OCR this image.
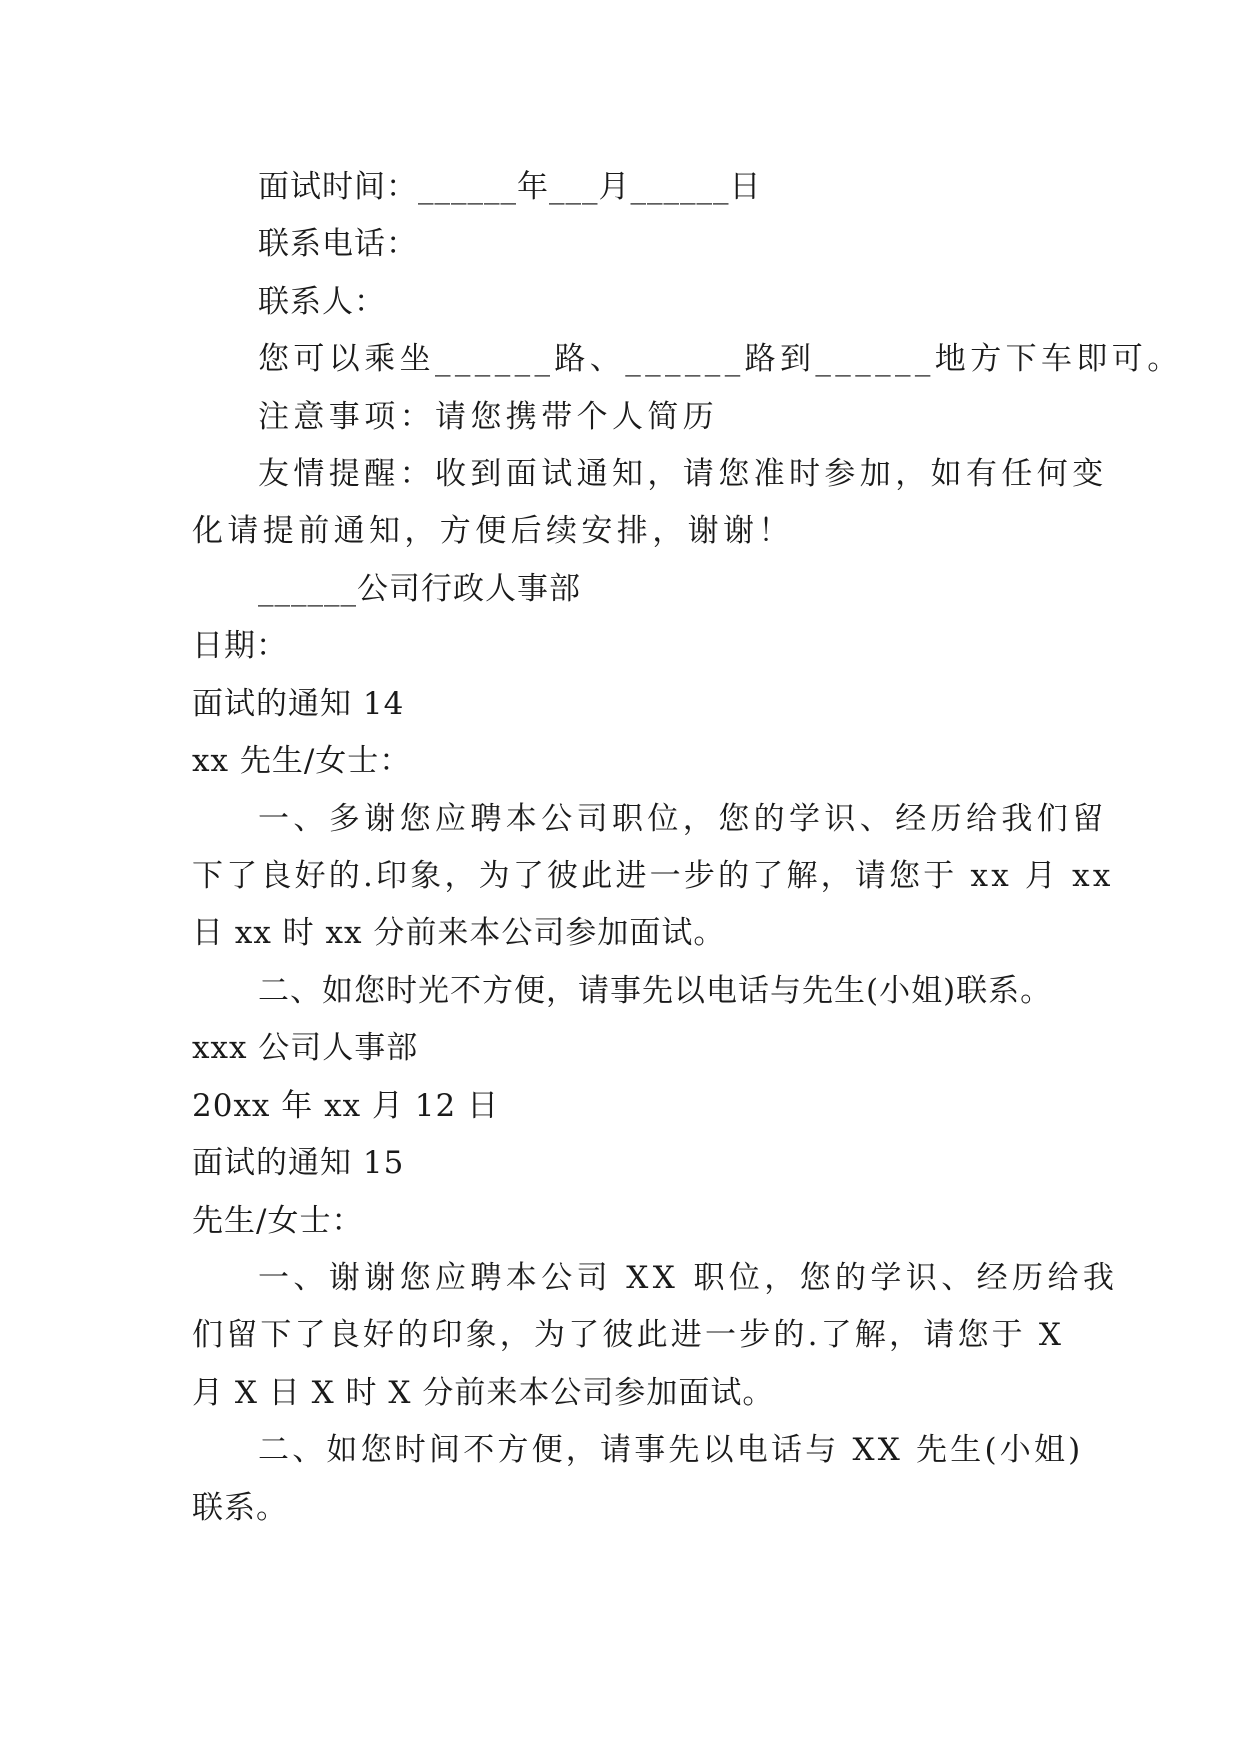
面试时间：______年___月______日
联系电话：
联系人：
您可以乘坐______路、______路到______地方下车即可。
注意事项：请您携带个人简历
友情提醒：收到面试通知，请您准时参加，如有任何变
化请提前通知，方便后续安排，谢谢！
______公司行政人事部
日期：
面试的通知 14
xx 先生/女士：
一、多谢您应聘本公司职位，您的学识、经历给我们留
下了良好的.印象，为了彼此进一步的了解，请您于 xx 月 xx
日 xx 时 xx 分前来本公司参加面试。
二、如您时光不方便，请事先以电话与先生(小姐)联系。
xxx 公司人事部
20xx 年 xx 月 12 日
面试的通知 15
先生/女士：
一、谢谢您应聘本公司 XX 职位，您的学识、经历给我
们留下了良好的印象，为了彼此进一步的.了解，请您于 X
月 X 日 X 时 X 分前来本公司参加面试。
二、如您时间不方便，请事先以电话与 XX 先生(小姐)
联系。
